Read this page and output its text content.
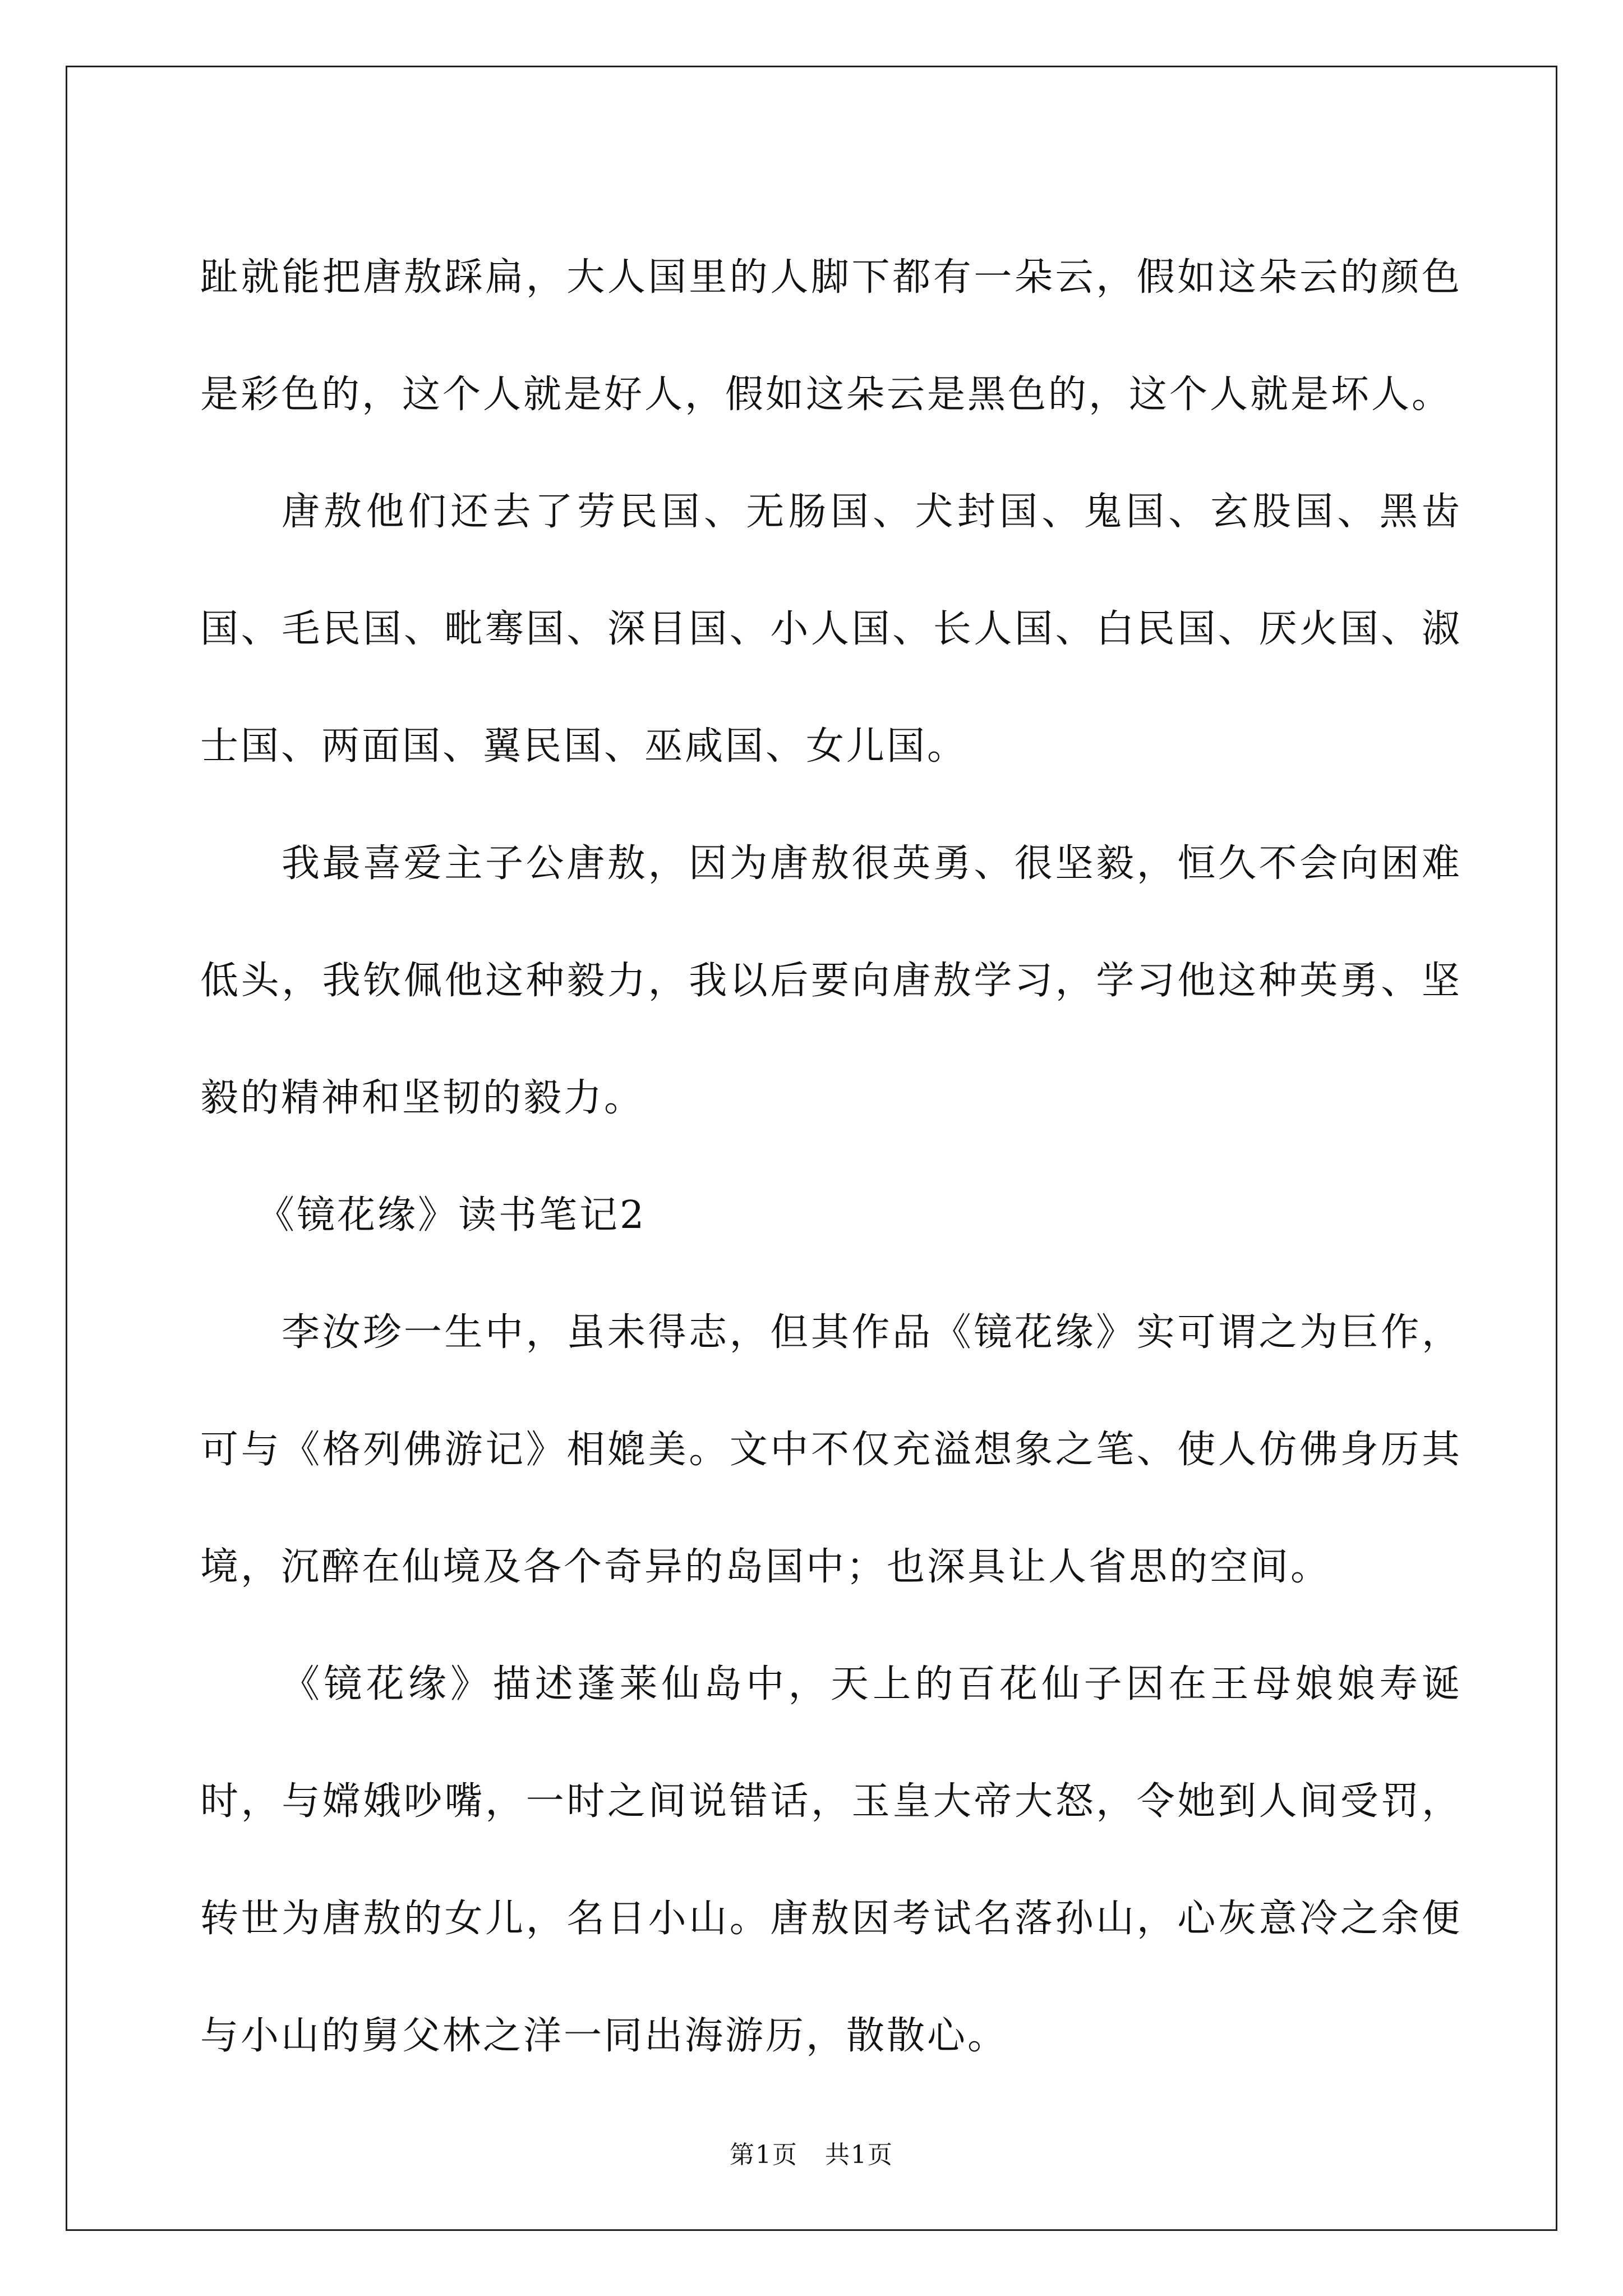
趾就能把唐敖踩扁，大人国里的人脚下都有一朵云，假如这朵云的颜色是彩色的，这个人就是好人，假如这朵云是黑色的，这个人就是坏人。

唐敖他们还去了劳民国、无肠国、犬封国、鬼国、玄股国、黑齿国、毛民国、毗骞国、深目国、小人国、长人国、白民国、厌火国、淑士国、两面国、翼民国、巫咸国、女儿国。

我最喜爱主子公唐敖，因为唐敖很英勇、很坚毅，恒久不会向困难低头，我钦佩他这种毅力，我以后要向唐敖学习，学习他这种英勇、坚毅的精神和坚韧的毅力。

《镜花缘》读书笔记2

李汝珍一生中，虽未得志，但其作品《镜花缘》实可谓之为巨作，可与《格列佛游记》相媲美。文中不仅充溢想象之笔、使人仿佛身历其境，沉醉在仙境及各个奇异的岛国中；也深具让人省思的空间。

《镜花缘》描述蓬莱仙岛中，天上的百花仙子因在王母娘娘寿诞时，与嫦娥吵嘴，一时之间说错话，玉皇大帝大怒，令她到人间受罚，转世为唐敖的女儿，名日小山。唐敖因考试名落孙山，心灰意冷之余便与小山的舅父林之洋一同出海游历，散散心。

第1页 共1页
